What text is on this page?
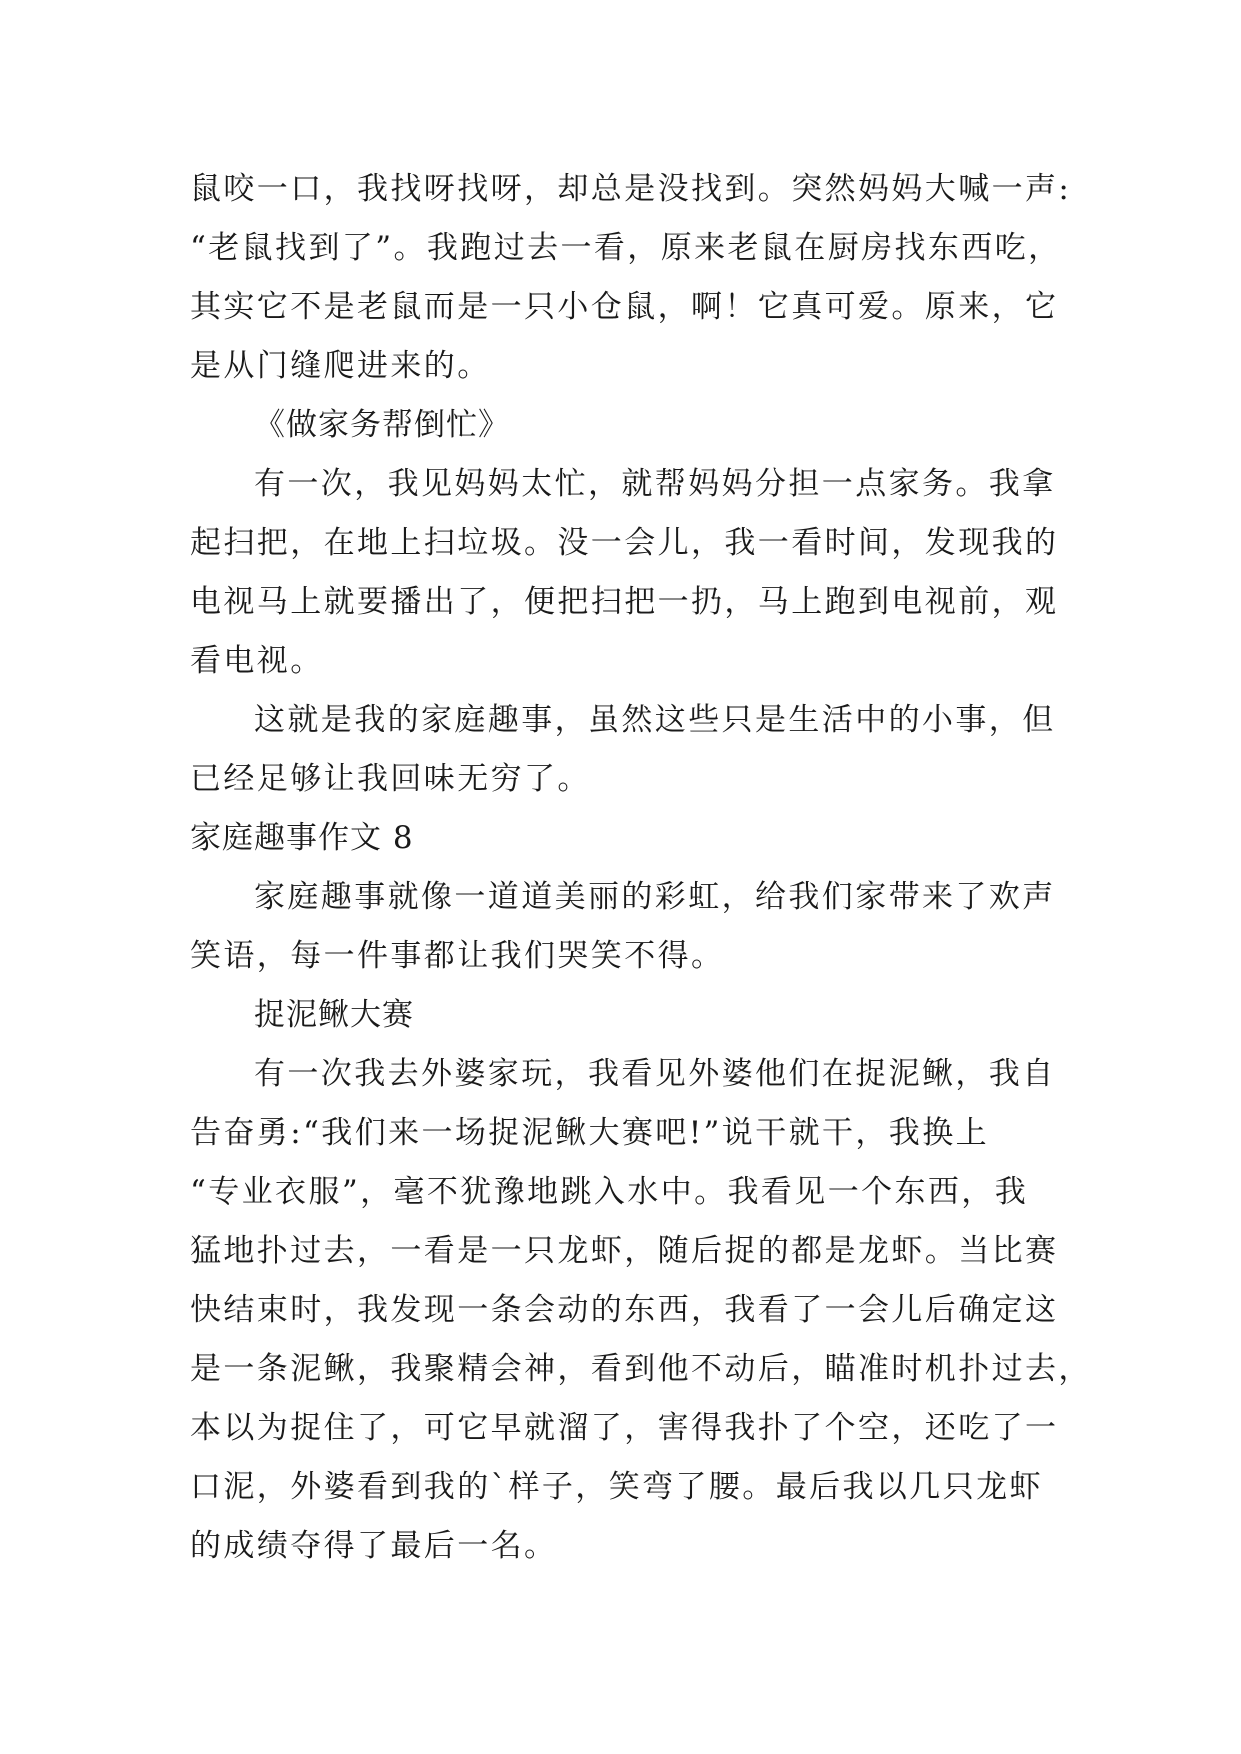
鼠咬一口，我找呀找呀，却总是没找到。突然妈妈大喊一声:
“老鼠找到了”。我跑过去一看，原来老鼠在厨房找东西吃，
其实它不是老鼠而是一只小仓鼠，啊！它真可爱。原来，它
是从门缝爬进来的。
《做家务帮倒忙》
有一次，我见妈妈太忙，就帮妈妈分担一点家务。我拿
起扫把，在地上扫垃圾。没一会儿，我一看时间，发现我的
电视马上就要播出了，便把扫把一扔，马上跑到电视前，观
看电视。
这就是我的家庭趣事，虽然这些只是生活中的小事，但
已经足够让我回味无穷了。
家庭趣事作文 8
家庭趣事就像一道道美丽的彩虹，给我们家带来了欢声
笑语，每一件事都让我们哭笑不得。
捉泥鳅大赛
有一次我去外婆家玩，我看见外婆他们在捉泥鳅，我自
告奋勇:“我们来一场捉泥鳅大赛吧!”说干就干，我换上
“专业衣服”，毫不犹豫地跳入水中。我看见一个东西，我
猛地扑过去，一看是一只龙虾，随后捉的都是龙虾。当比赛
快结束时，我发现一条会动的东西，我看了一会儿后确定这
是一条泥鳅，我聚精会神，看到他不动后，瞄准时机扑过去，
本以为捉住了，可它早就溜了，害得我扑了个空，还吃了一
口泥，外婆看到我的`样子，笑弯了腰。最后我以几只龙虾
的成绩夺得了最后一名。
